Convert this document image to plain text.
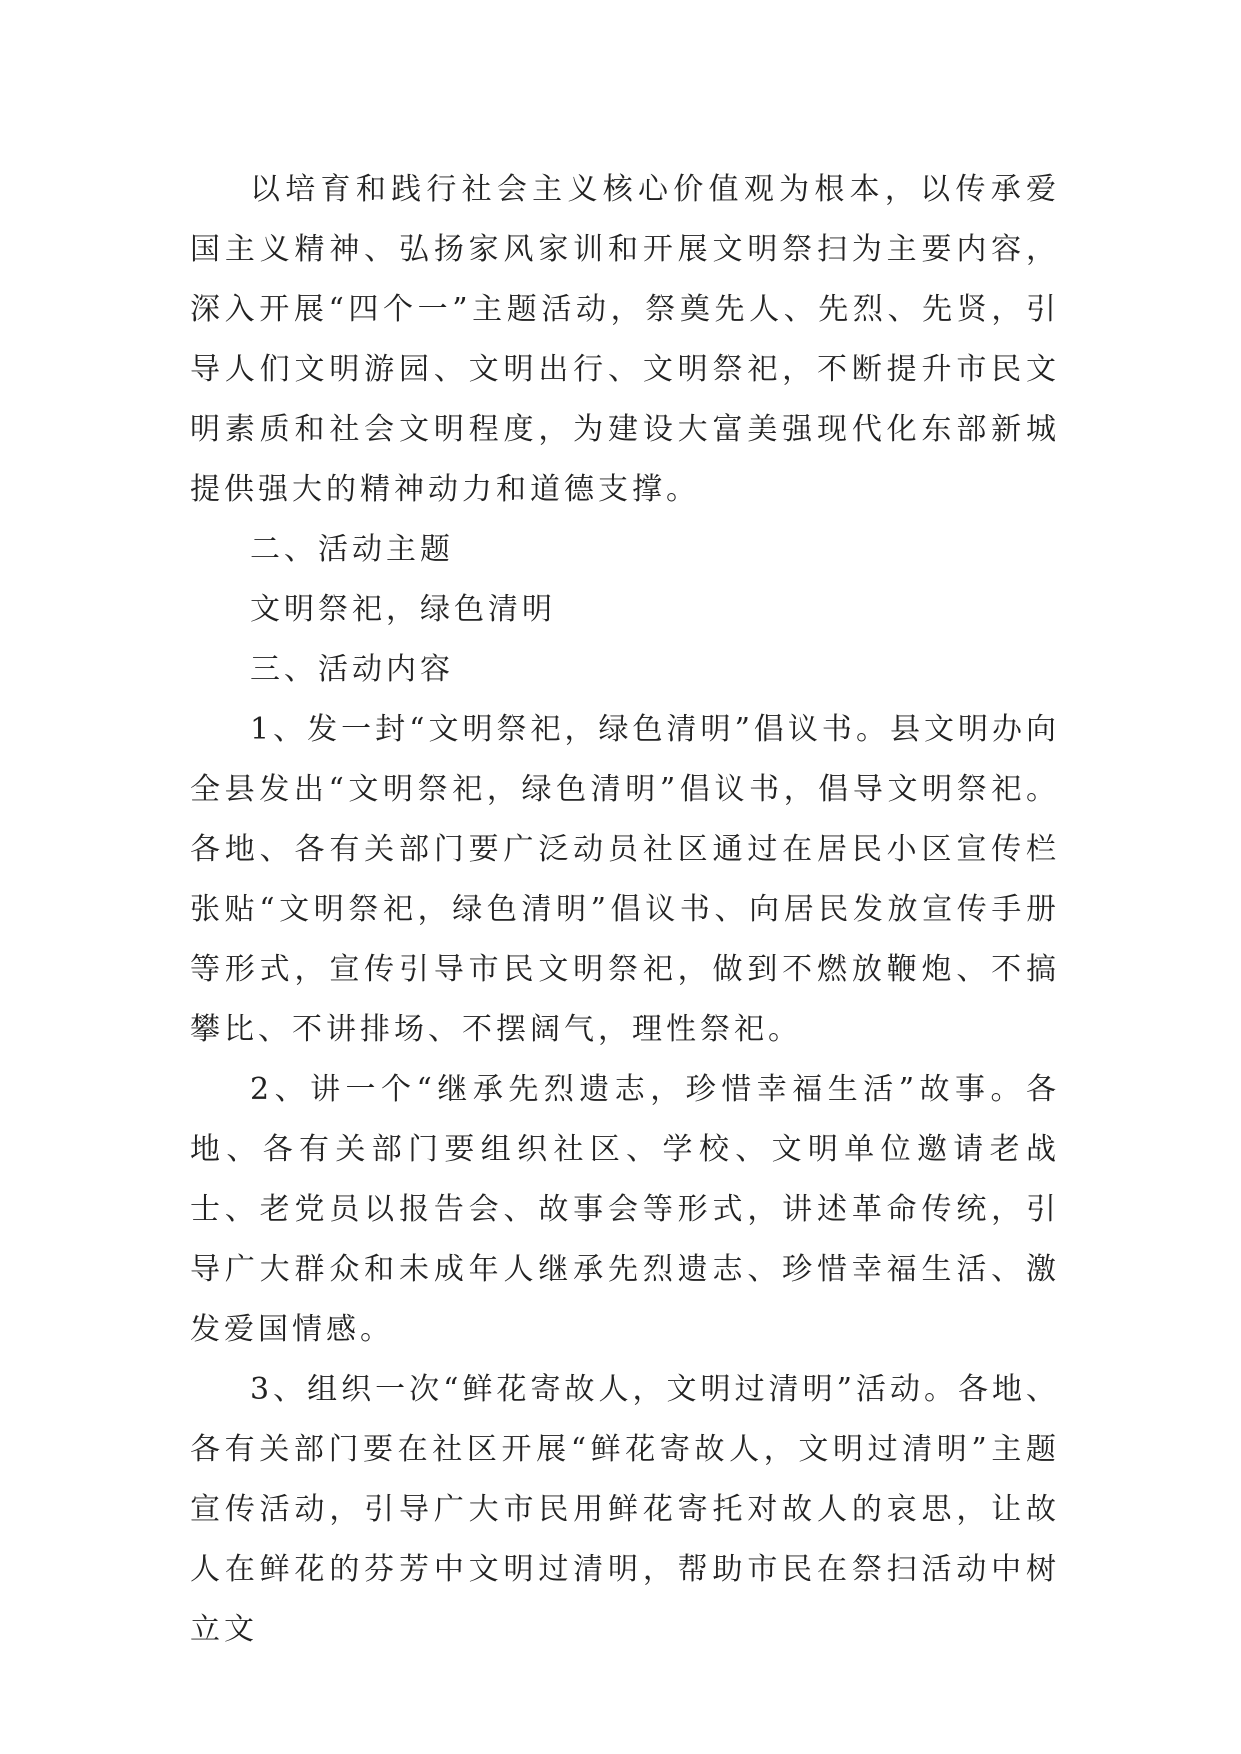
以培育和践行社会主义核心价值观为根本，以传承爱国主义精神、弘扬家风家训和开展文明祭扫为主要内容，深入开展“四个一”主题活动，祭奠先人、先烈、先贤，引导人们文明游园、文明出行、文明祭祀，不断提升市民文明素质和社会文明程度，为建设大富美强现代化东部新城提供强大的精神动力和道德支撑。

二、活动主题

文明祭祀，绿色清明

三、活动内容

1、发一封“文明祭祀，绿色清明”倡议书。县文明办向全县发出“文明祭祀，绿色清明”倡议书，倡导文明祭祀。各地、各有关部门要广泛动员社区通过在居民小区宣传栏张贴“文明祭祀，绿色清明”倡议书、向居民发放宣传手册等形式，宣传引导市民文明祭祀，做到不燃放鞭炮、不搞攀比、不讲排场、不摆阔气，理性祭祀。

2、讲一个“继承先烈遗志，珍惜幸福生活”故事。各地、各有关部门要组织社区、学校、文明单位邀请老战士、老党员以报告会、故事会等形式，讲述革命传统，引导广大群众和未成年人继承先烈遗志、珍惜幸福生活、激发爱国情感。

3、组织一次“鲜花寄故人，文明过清明”活动。各地、各有关部门要在社区开展“鲜花寄故人，文明过清明”主题宣传活动，引导广大市民用鲜花寄托对故人的哀思，让故人在鲜花的芬芳中文明过清明，帮助市民在祭扫活动中树立文
